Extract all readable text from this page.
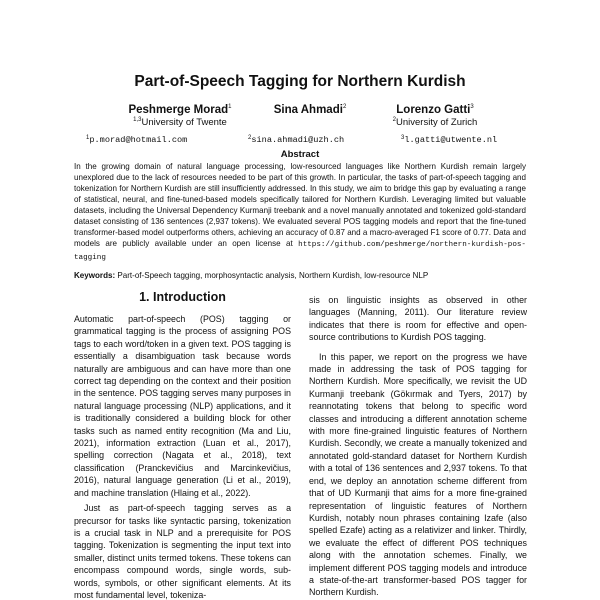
Part-of-Speech Tagging for Northern Kurdish
Peshmerge Morad$^1$
$^{1,3}$University of Twente
Sina Ahmadi$^2$	Lorenzo Gatti$^3$
$^2$University of Zurich
$^1$ p.morad@hotmail.com	$^2$ sina.ahmadi@uzh.ch	$^3$ l.gatti@utwente.nl
Abstract
In the growing domain of natural language processing, low-resourced languages like Northern Kurdish remain largely unexplored due to the lack of resources needed to be part of this growth. In particular, the tasks of part-of-speech tagging and tokenization for Northern Kurdish are still insufficiently addressed. In this study, we aim to bridge this gap by evaluating a range of statistical, neural, and fine-tuned-based models specifically tailored for Northern Kurdish. Leveraging limited but valuable datasets, including the Universal Dependency Kurmanji treebank and a novel manually annotated and tokenized gold-standard dataset consisting of 136 sentences (2,937 tokens). We evaluated several POS tagging models and report that the fine-tuned transformer-based model outperforms others, achieving an accuracy of 0.87 and a macro-averaged F1 score of 0.77. Data and models are publicly available under an open license at https://github.com/peshmerge/northern-kurdish-pos-tagging
Keywords: Part-of-Speech tagging, morphosyntactic analysis, Northern Kurdish, low-resource NLP
1. Introduction

Automatic part-of-speech (POS) tagging or grammatical tagging is the process of assigning POS tags to each word/token in a given text. POS tagging is essentially a disambiguation task because words naturally are ambiguous and can have more than one correct tag depending on the context and their position in the sentence. POS tagging serves many purposes in natural language processing (NLP) applications, and it is traditionally considered a building block for other tasks such as named entity recognition (Ma and Liu, 2021), information extraction (Luan et al., 2017), spelling correction (Nagata et al., 2018), text classification (Pranckevičius and Marcinkevičius, 2016), natural language generation (Li et al., 2019), and machine translation (Hlaing et al., 2022).

Just as part-of-speech tagging serves as a precursor for tasks like syntactic parsing, tokenization is a crucial task in NLP and a prerequisite for POS tagging. Tokenization is segmenting the input text into smaller, distinct units termed tokens. These tokens can encompass compound words, single words, sub-words, symbols, or other significant elements. At its most fundamental level, tokeniza-

sis on linguistic insights as observed in other languages (Manning, 2011). Our literature review indicates that there is room for effective and open-source contributions to Kurdish POS tagging.

In this paper, we report on the progress we have made in addressing the task of POS tagging for Northern Kurdish. More specifically, we revisit the UD Kurmanji treebank (Gökırmak and Tyers, 2017) by reannotating tokens that belong to specific word classes and introducing a different annotation scheme with more fine-grained linguistic features of Northern Kurdish. Secondly, we create a manually tokenized and annotated gold-standard dataset for Northern Kurdish with a total of 136 sentences and 2,937 tokens. To that end, we deploy an annotation scheme different from that of UD Kurmanji that aims for a more fine-grained representation of linguistic features of Northern Kurdish, notably noun phrases containing Izafe (also spelled Ezafe) acting as a relativizer and linker. Thirdly, we evaluate the effect of different POS techniques along with the annotation schemes. Finally, we implement different POS tagging models and introduce a state-of-the-art transformer-based POS tagger for Northern Kurdish.
